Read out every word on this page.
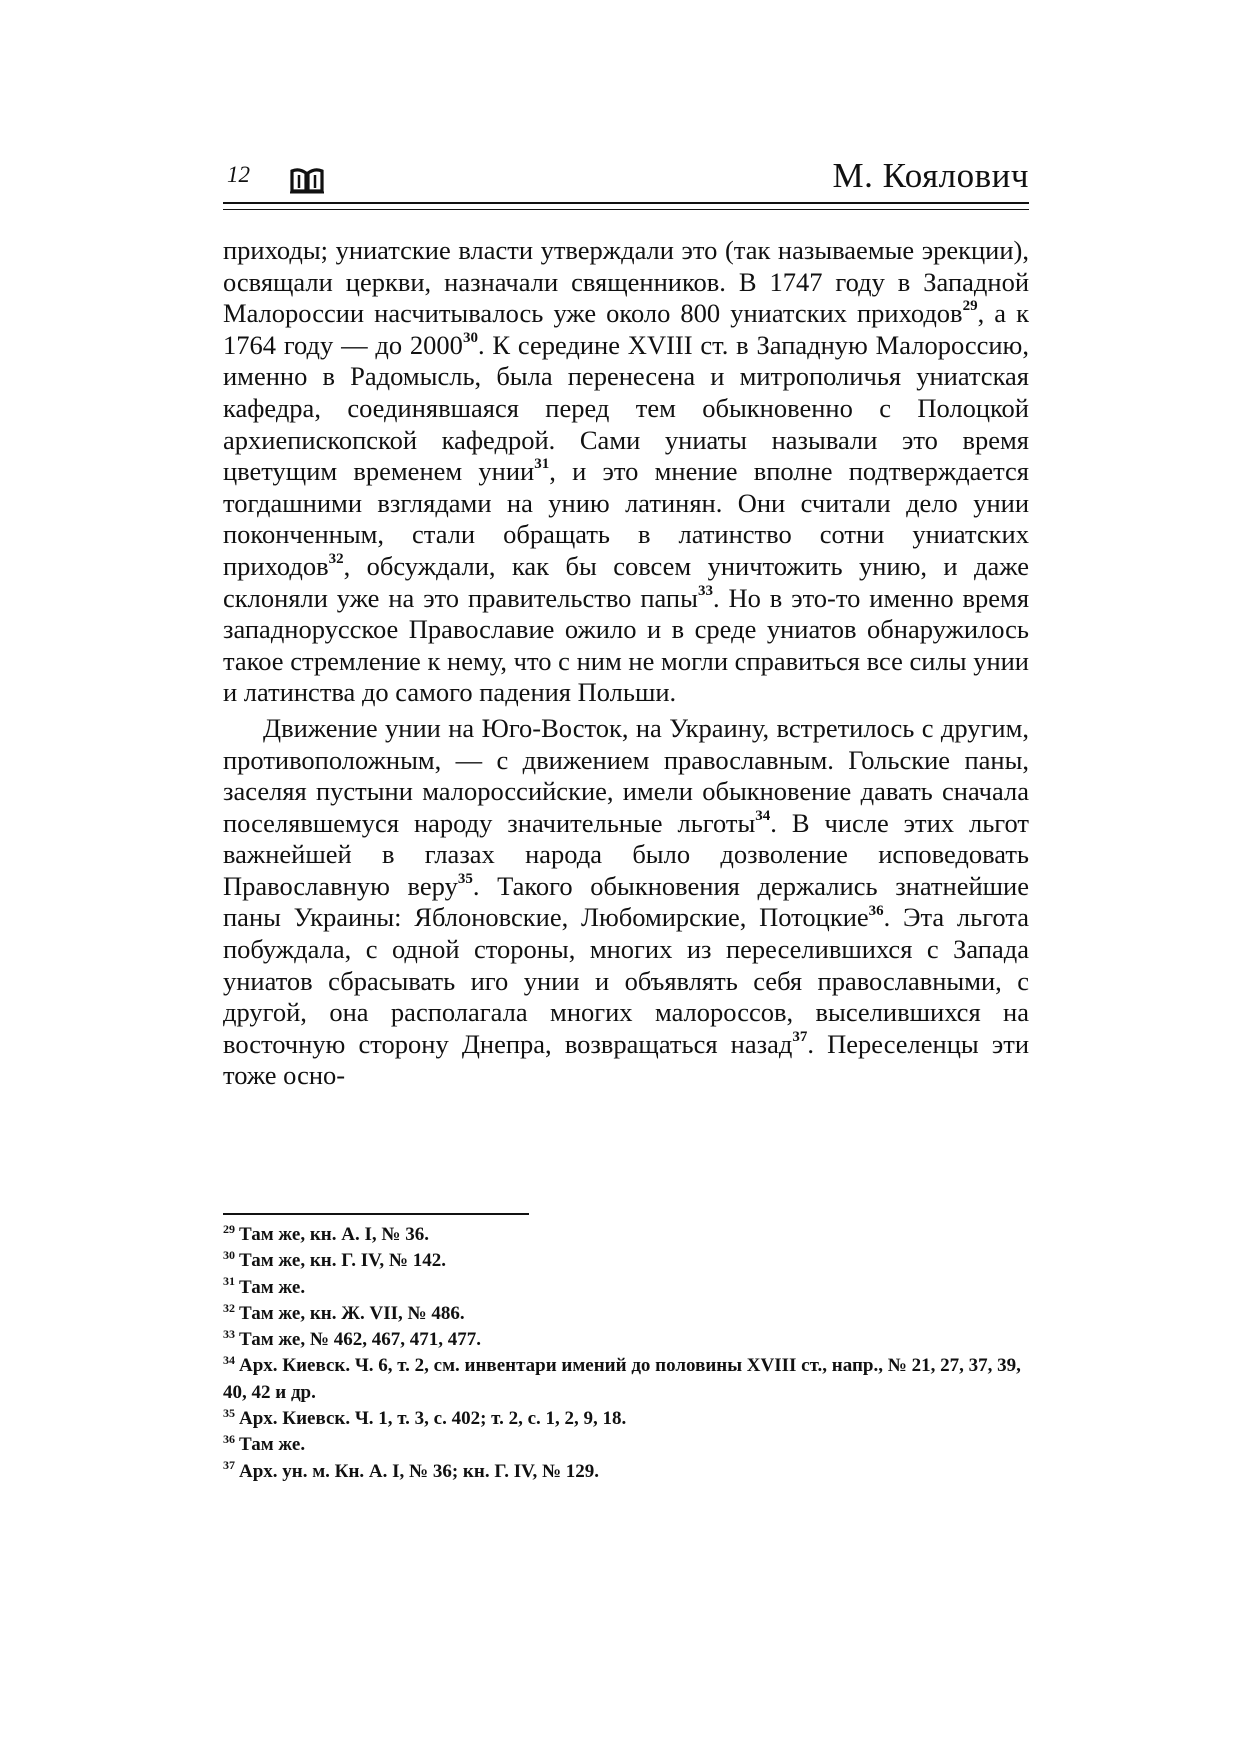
12	М. Коялович

приходы; униатские власти утверждали это (так называемые эрекции), освящали церкви, назначали священников. В 1747 году в Западной Малороссии насчитывалось уже около 800 униатских приходов$^{29}$, а к 1764 году — до 2000$^{30}$. К середине XVIII ст. в Западную Малороссию, именно в Радомысль, была перенесена и митрополичья униатская кафедра, соединявшаяся перед тем обыкновенно с Полоцкой архиепископской кафедрой. Сами униаты называли это время цветущим временем унии$^{31}$, и это мнение вполне подтверждается тогдашними взглядами на унию латинян. Они считали дело унии поконченным, стали обращать в латинство сотни униатских приходов$^{32}$, обсуждали, как бы совсем уничтожить унию, и даже склоняли уже на это правительство папы$^{33}$. Но в это-то именно время западнорусское Православие ожило и в среде униатов обнаружилось такое стремление к нему, что с ним не могли справиться все силы унии и латинства до самого падения Польши.

Движение унии на Юго-Восток, на Украину, встретилось с другим, противоположным, — с движением православным. Гольские паны, заселяя пустыни малороссийские, имели обыкновение давать сначала поселявшемуся народу значительные льготы$^{34}$. В числе этих льгот важнейшей в глазах народа было дозволение исповедовать Православную веру$^{35}$. Такого обыкновения держались знатнейшие паны Украины: Яблоновские, Любомирские, Потоцкие$^{36}$. Эта льгота побуждала, с одной стороны, многих из переселившихся с Запада униатов сбрасывать иго унии и объявлять себя православными, с другой, она располагала многих малороссов, выселившихся на восточную сторону Днепра, возвращаться назад$^{37}$. Переселенцы эти тоже осно-

$^{29}$ Там же, кн. А. I, № 36.
$^{30}$ Там же, кн. Г. IV, № 142.
$^{31}$ Там же.
$^{32}$ Там же, кн. Ж. VII, № 486.
$^{33}$ Там же, № 462, 467, 471, 477.
$^{34}$ Арх. Киевск. Ч. 6, т. 2, см. инвентари имений до половины XVIII ст., напр., № 21, 27, 37, 39, 40, 42 и др.
$^{35}$ Арх. Киевск. Ч. 1, т. 3, с. 402; т. 2, с. 1, 2, 9, 18.
$^{36}$ Там же.
$^{37}$ Арх. ун. м. Кн. А. I, № 36; кн. Г. IV, № 129.
